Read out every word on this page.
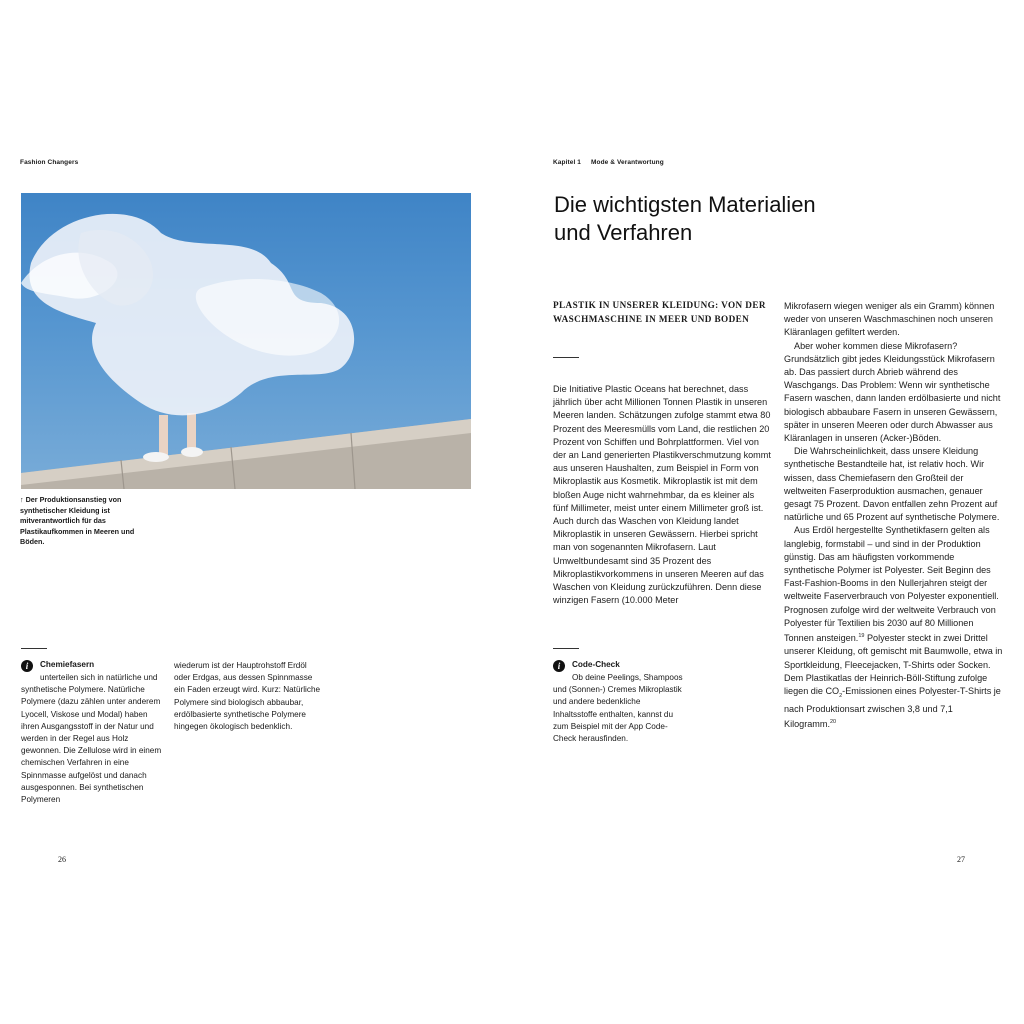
Fashion Changers
↑ Der Produktionsanstieg von synthetischer Kleidung ist mitverantwortlich für das Plastikaufkommen in Meeren und Böden.
i	Chemiefasern
unterteilen sich in natürliche und synthetische Polymere. Natürliche Polymere (dazu zählen unter anderem Lyocell, Viskose und Modal) haben ihren Ausgangsstoff in der Natur und werden in der Regel aus Holz gewonnen. Die Zellulose wird in einem chemischen Verfahren in eine Spinnmasse aufgelöst und danach ausgesponnen. Bei synthetischen Polymeren
wiederum ist der Hauptrohstoff Erdöl oder Erdgas, aus dessen Spinnmasse ein Faden erzeugt wird. Kurz: Natürliche Polymere sind biologisch abbaubar, erdölbasierte synthetische Polymere hingegen ökologisch bedenklich.
26
Kapitel 1 Mode & Verantwortung
Die wichtigsten Materialien
und Verfahren
PLASTIK IN UNSERER KLEIDUNG: VON DER WASCHMASCHINE IN MEER UND BODEN

Die Initiative Plastic Oceans hat berechnet, dass jährlich über acht Millionen Tonnen Plastik in unseren Meeren landen. Schätzungen zufolge stammt etwa 80 Prozent des Meeresmülls vom Land, die restlichen 20 Prozent von Schiffen und Bohrplattformen. Viel von der an Land generierten Plastikverschmutzung kommt aus unseren Haushalten, zum Beispiel in Form von Mikroplastik aus Kosmetik. Mikroplastik ist mit dem bloßen Auge nicht wahrnehmbar, da es kleiner als fünf Millimeter, meist unter einem Millimeter groß ist. Auch durch das Waschen von Kleidung landet Mikroplastik in unseren Gewässern. Hierbei spricht man von sogenannten Mikrofasern. Laut Umweltbundesamt sind 35 Prozent des Mikroplastikvorkommens in unseren Meeren auf das Waschen von Kleidung zurückzuführen. Denn diese winzigen Fasern (10.000 Meter

i	Code-Check
Ob deine Peelings, Shampoos und (Sonnen-) Cremes Mikroplastik und andere bedenkliche Inhaltsstoffe enthalten, kannst du zum Beispiel mit der App Code-Check herausfinden.

Mikrofasern wiegen weniger als ein Gramm) können weder von unseren Waschmaschinen noch unseren Kläranlagen gefiltert werden.

Aber woher kommen diese Mikrofasern? Grundsätzlich gibt jedes Kleidungsstück Mikrofasern ab. Das passiert durch Abrieb während des Waschgangs. Das Problem: Wenn wir synthetische Fasern waschen, dann landen erdölbasierte und nicht biologisch abbaubare Fasern in unseren Gewässern, später in unseren Meeren oder durch Abwasser aus Kläranlagen in unseren (Acker-)Böden.

Die Wahrscheinlichkeit, dass unsere Kleidung synthetische Bestandteile hat, ist relativ hoch. Wir wissen, dass Chemiefasern den Großteil der weltweiten Faserproduktion ausmachen, genauer gesagt 75 Prozent. Davon entfallen zehn Prozent auf natürliche und 65 Prozent auf synthetische Polymere.

Aus Erdöl hergestellte Synthetikfasern gelten als langlebig, formstabil – und sind in der Produktion günstig. Das am häufigsten vorkommende synthetische Polymer ist Polyester. Seit Beginn des Fast-Fashion-Booms in den Nullerjahren steigt der weltweite Faserverbrauch von Polyester exponentiell. Prognosen zufolge wird der weltweite Verbrauch von Polyester für Textilien bis 2030 auf 80 Millionen Tonnen ansteigen.$^{19}$ Polyester steckt in zwei Drittel unserer Kleidung, oft gemischt mit Baumwolle, etwa in Sportkleidung, Fleecejacken, T-Shirts oder Socken. Dem Plastikatlas der Heinrich-Böll-Stiftung zufolge liegen die $CO_2$-Emissionen eines Polyester-T-Shirts je nach Produktionsart zwischen 3,8 und 7,1 Kilogramm.$^{20}$

27
